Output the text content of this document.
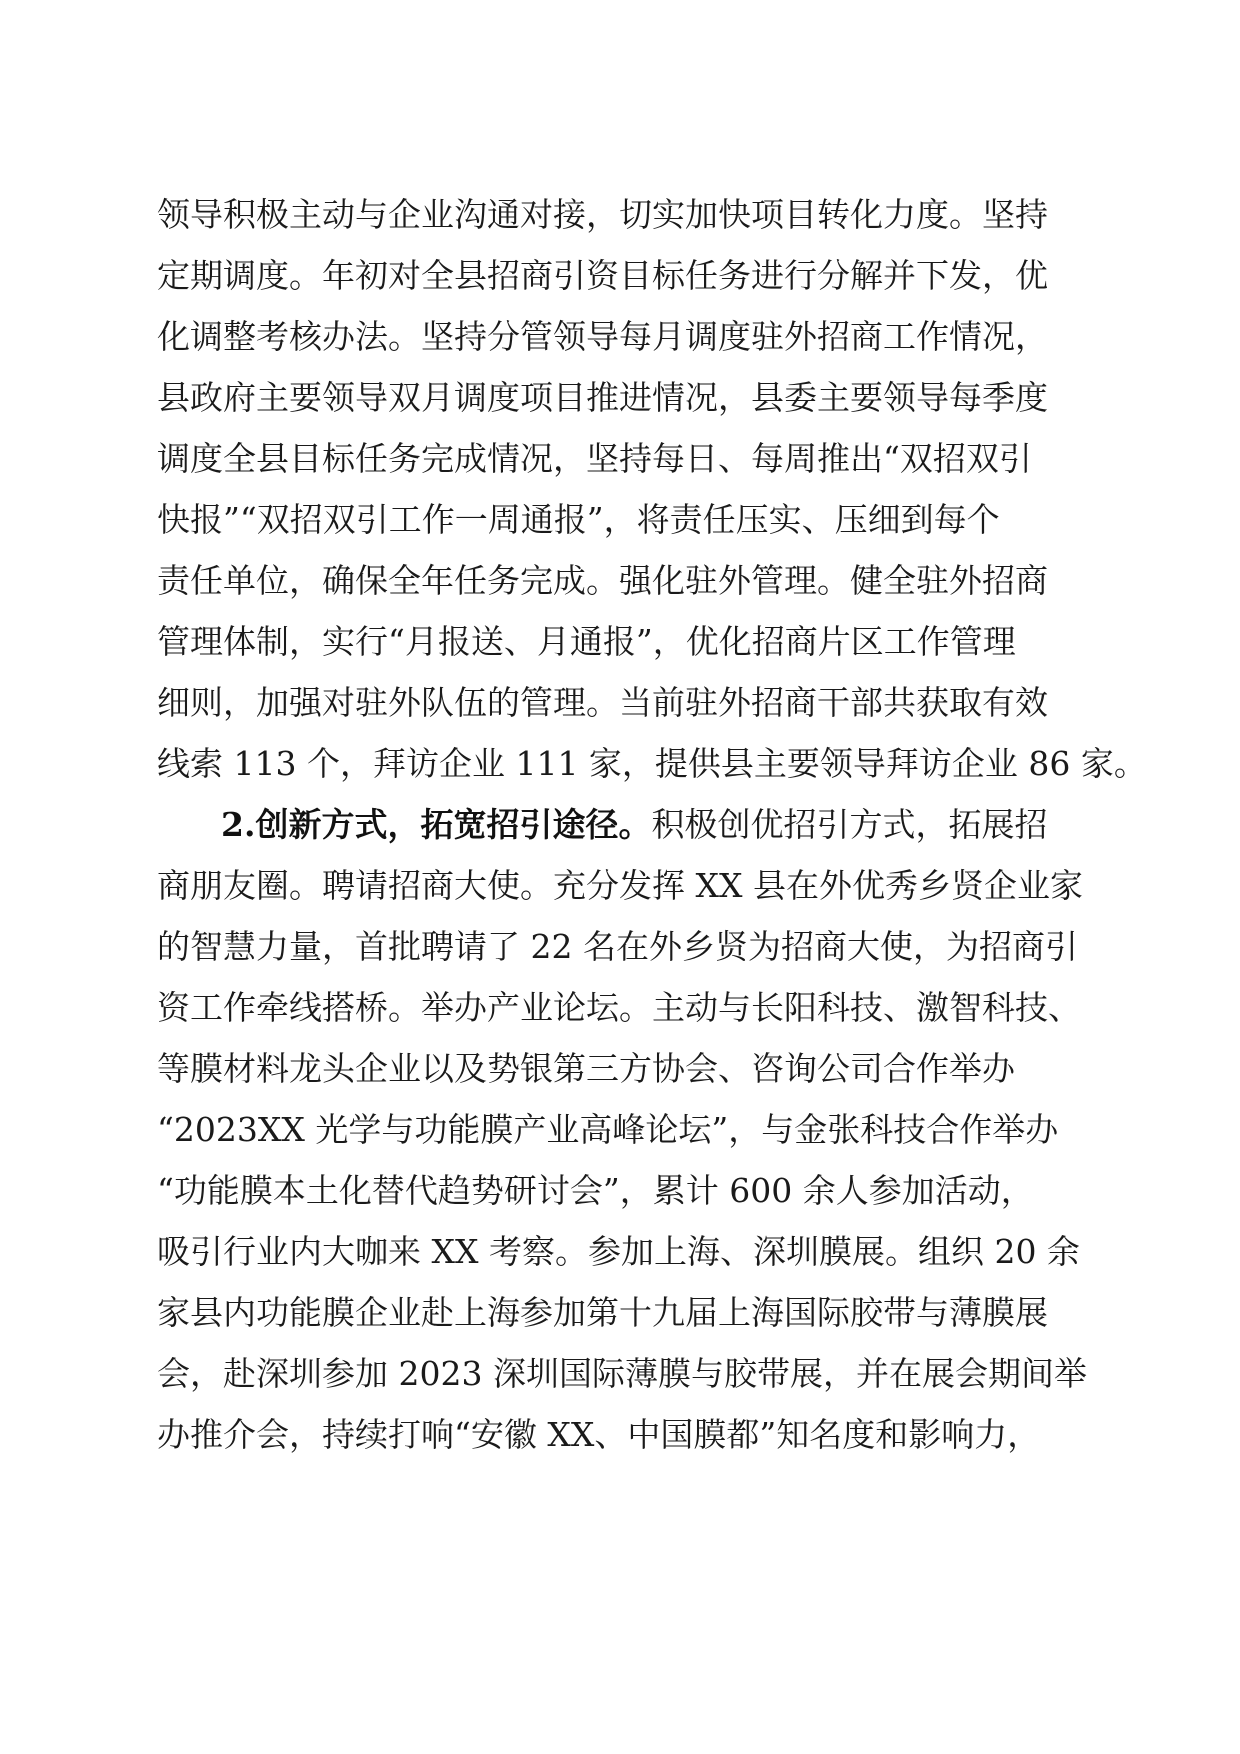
领导积极主动与企业沟通对接，切实加快项目转化力度。坚持
定期调度。年初对全县招商引资目标任务进行分解并下发，优
化调整考核办法。坚持分管领导每月调度驻外招商工作情况，
县政府主要领导双月调度项目推进情况，县委主要领导每季度
调度全县目标任务完成情况，坚持每日、每周推出“双招双引
快报”“双招双引工作一周通报”，将责任压实、压细到每个
责任单位，确保全年任务完成。强化驻外管理。健全驻外招商
管理体制，实行“月报送、月通报”，优化招商片区工作管理
细则，加强对驻外队伍的管理。当前驻外招商干部共获取有效
线索 113 个，拜访企业 111 家，提供县主要领导拜访企业 86 家。
2.创新方式，拓宽招引途径。积极创优招引方式，拓展招
商朋友圈。聘请招商大使。充分发挥 XX 县在外优秀乡贤企业家
的智慧力量，首批聘请了 22 名在外乡贤为招商大使，为招商引
资工作牵线搭桥。举办产业论坛。主动与长阳科技、激智科技、
等膜材料龙头企业以及势银第三方协会、咨询公司合作举办
“2023XX 光学与功能膜产业高峰论坛”，与金张科技合作举办
“功能膜本土化替代趋势研讨会”，累计 600 余人参加活动，
吸引行业内大咖来 XX 考察。参加上海、深圳膜展。组织 20 余
家县内功能膜企业赴上海参加第十九届上海国际胶带与薄膜展
会，赴深圳参加 2023 深圳国际薄膜与胶带展，并在展会期间举
办推介会，持续打响“安徽 XX、中国膜都”知名度和影响力，
